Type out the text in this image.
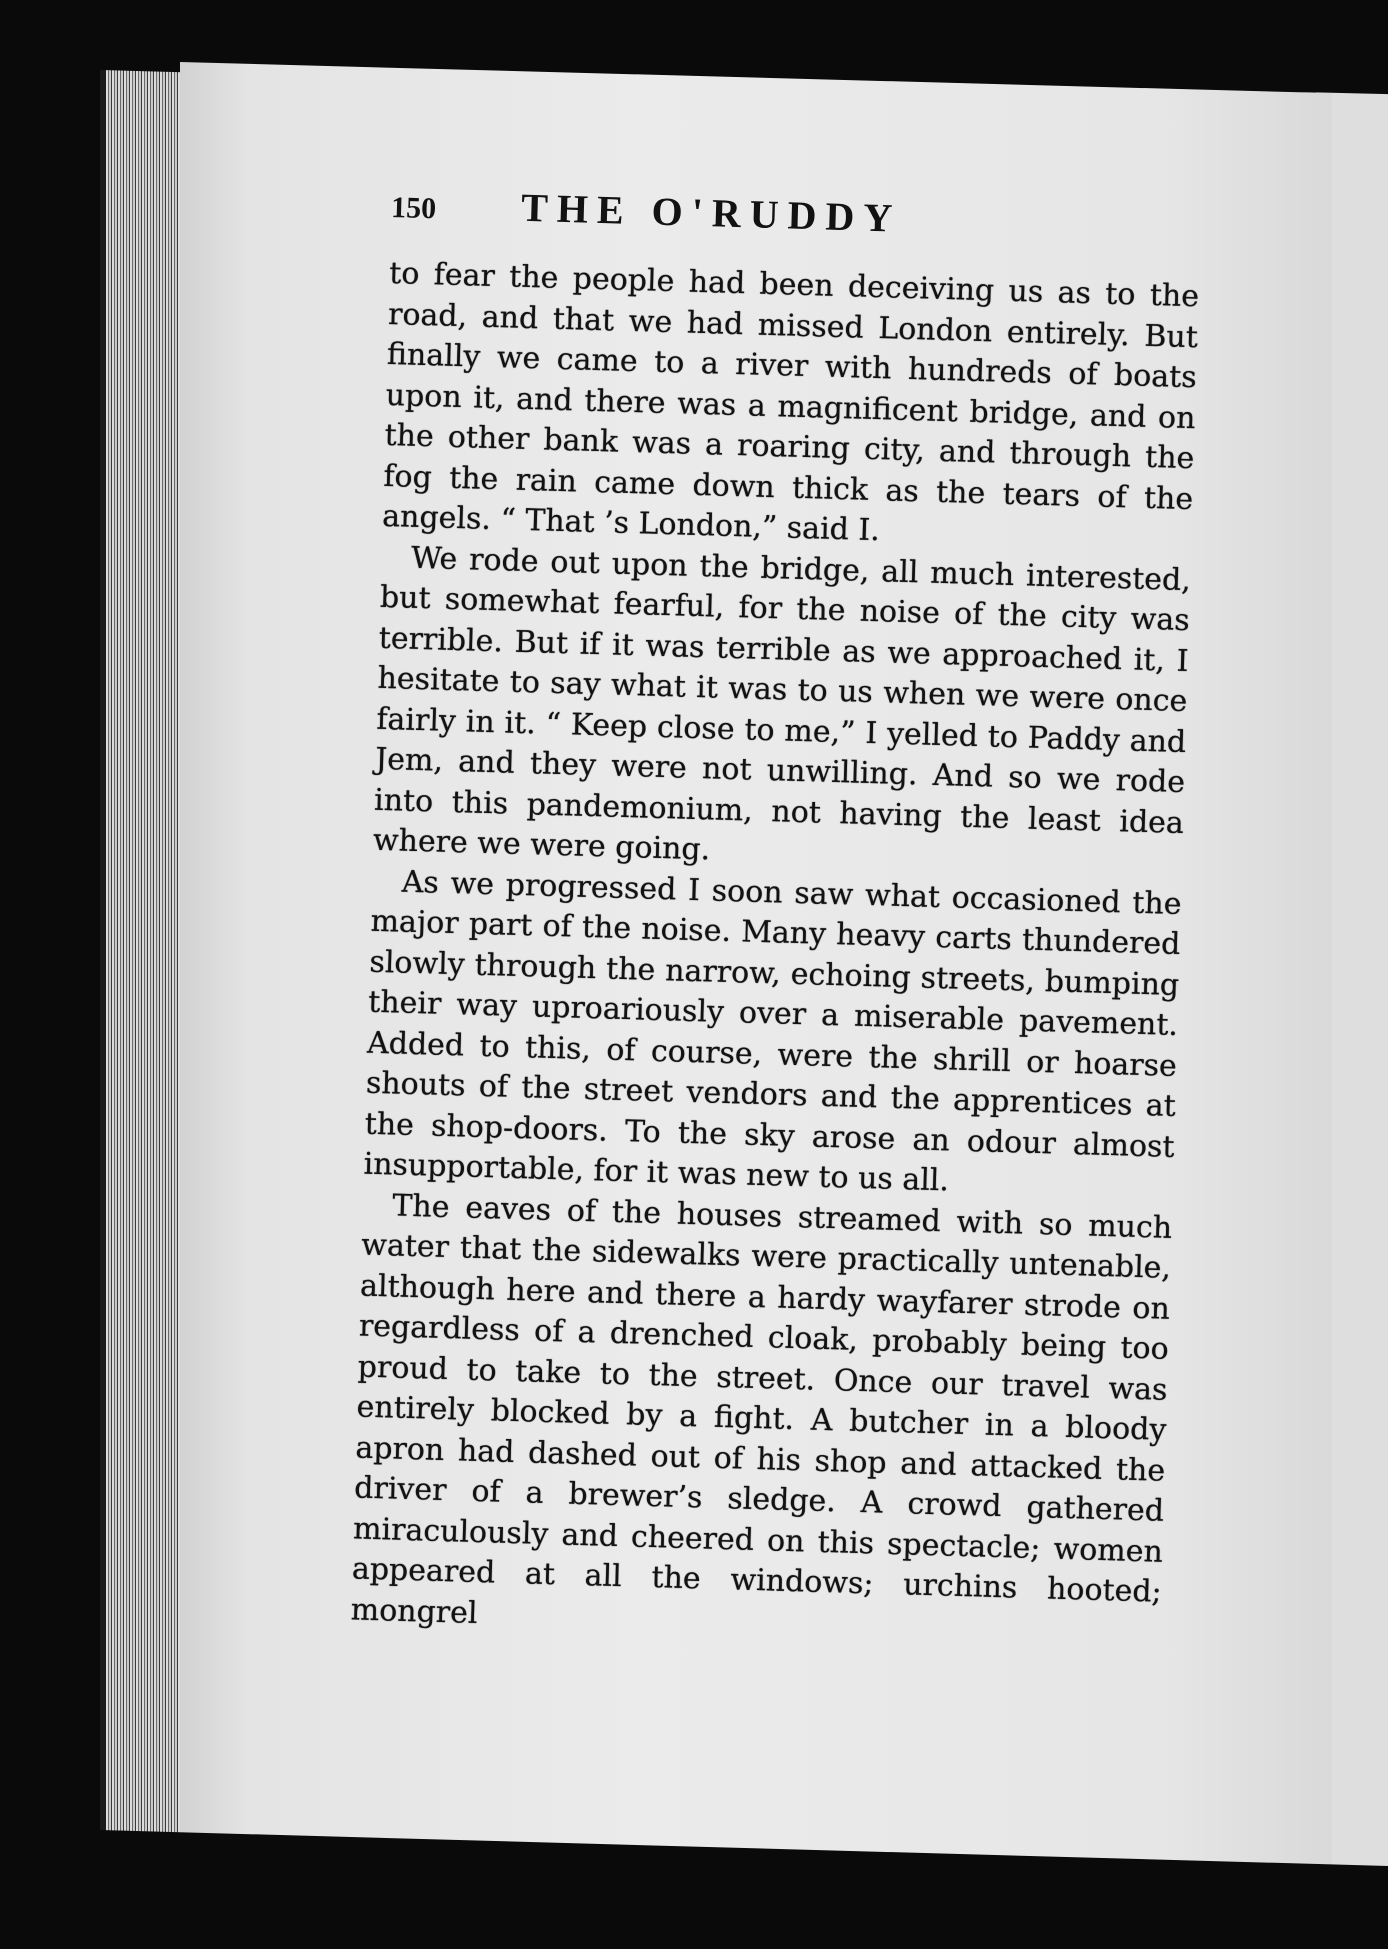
150	THE O'RUDDY

to fear the people had been deceiving us as to the road, and that we had missed London entirely. But finally we came to a river with hundreds of boats upon it, and there was a magnificent bridge, and on the other bank was a roaring city, and through the fog the rain came down thick as the tears of the angels. “ That ’s London,” said I.

We rode out upon the bridge, all much interested, but somewhat fearful, for the noise of the city was terrible. But if it was terrible as we approached it, I hesitate to say what it was to us when we were once fairly in it. “ Keep close to me,” I yelled to Paddy and Jem, and they were not unwilling. And so we rode into this pandemonium, not having the least idea where we were going.

As we progressed I soon saw what occasioned the major part of the noise. Many heavy carts thundered slowly through the narrow, echoing streets, bumping their way uproariously over a miserable pavement. Added to this, of course, were the shrill or hoarse shouts of the street vendors and the apprentices at the shop-doors. To the sky arose an odour almost insupportable, for it was new to us all.

The eaves of the houses streamed with so much water that the sidewalks were practically untenable, although here and there a hardy wayfarer strode on regardless of a drenched cloak, probably being too proud to take to the street. Once our travel was entirely blocked by a fight. A butcher in a bloody apron had dashed out of his shop and attacked the driver of a brewer’s sledge. A crowd gathered miraculously and cheered on this spectacle; women appeared at all the windows; urchins hooted; mongrel
